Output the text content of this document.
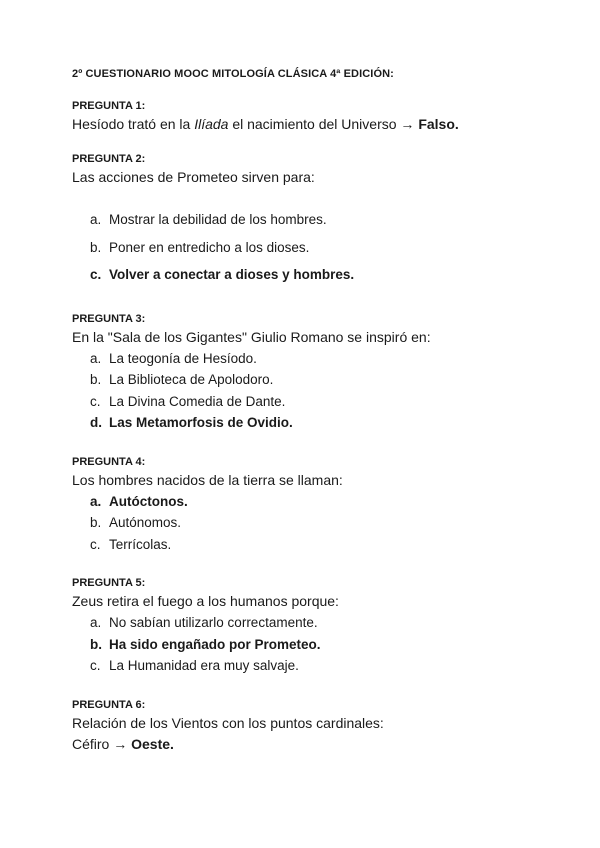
2º CUESTIONARIO MOOC MITOLOGÍA CLÁSICA 4ª EDICIÓN:

PREGUNTA 1:

Hesíodo trató en la Ilíada el nacimiento del Universo → Falso.

PREGUNTA 2:

Las acciones de Prometeo sirven para:

a. Mostrar la debilidad de los hombres.
b. Poner en entredicho a los dioses.
c. Volver a conectar a dioses y hombres.

PREGUNTA 3:

En la "Sala de los Gigantes" Giulio Romano se inspiró en:

a. La teogonía de Hesíodo.
b. La Biblioteca de Apolodoro.
c. La Divina Comedia de Dante.
d. Las Metamorfosis de Ovidio.

PREGUNTA 4:

Los hombres nacidos de la tierra se llaman:

a. Autóctonos.
b. Autónomos.
c. Terrícolas.

PREGUNTA 5:

Zeus retira el fuego a los humanos porque:

a. No sabían utilizarlo correctamente.
b. Ha sido engañado por Prometeo.
c. La Humanidad era muy salvaje.

PREGUNTA 6:

Relación de los Vientos con los puntos cardinales:

Céfiro → Oeste.
